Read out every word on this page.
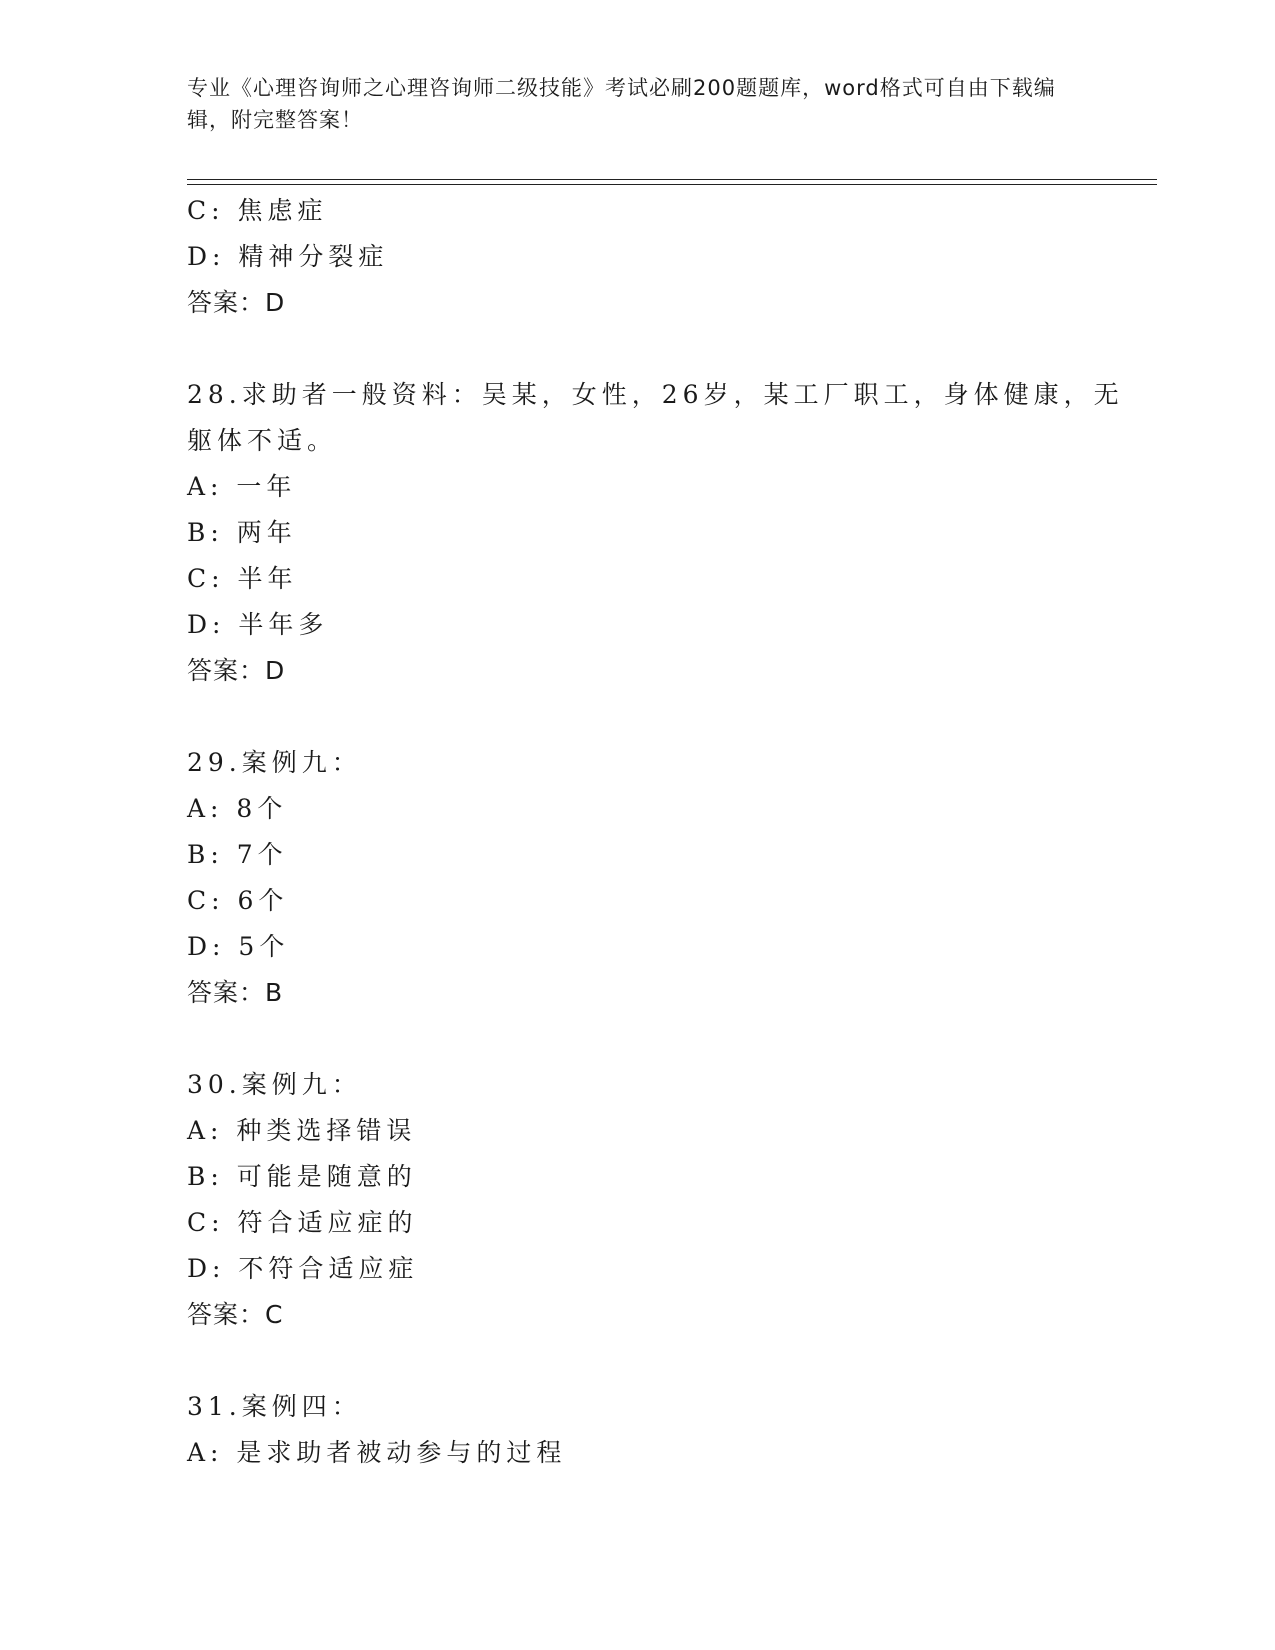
专业《心理咨询师之心理咨询师二级技能》考试必刷200题题库，word格式可自由下载编辑，附完整答案！
C: 焦虑症
D: 精神分裂症
答案：D
28.求助者一般资料：吴某，女性，26岁，某工厂职工，身体健康，无躯体不适。
A: 一年
B: 两年
C: 半年
D: 半年多
答案：D
29.案例九：
A: 8个
B: 7个
C: 6个
D: 5个
答案：B
30.案例九：
A: 种类选择错误
B: 可能是随意的
C: 符合适应症的
D: 不符合适应症
答案：C
31.案例四：
A: 是求助者被动参与的过程
